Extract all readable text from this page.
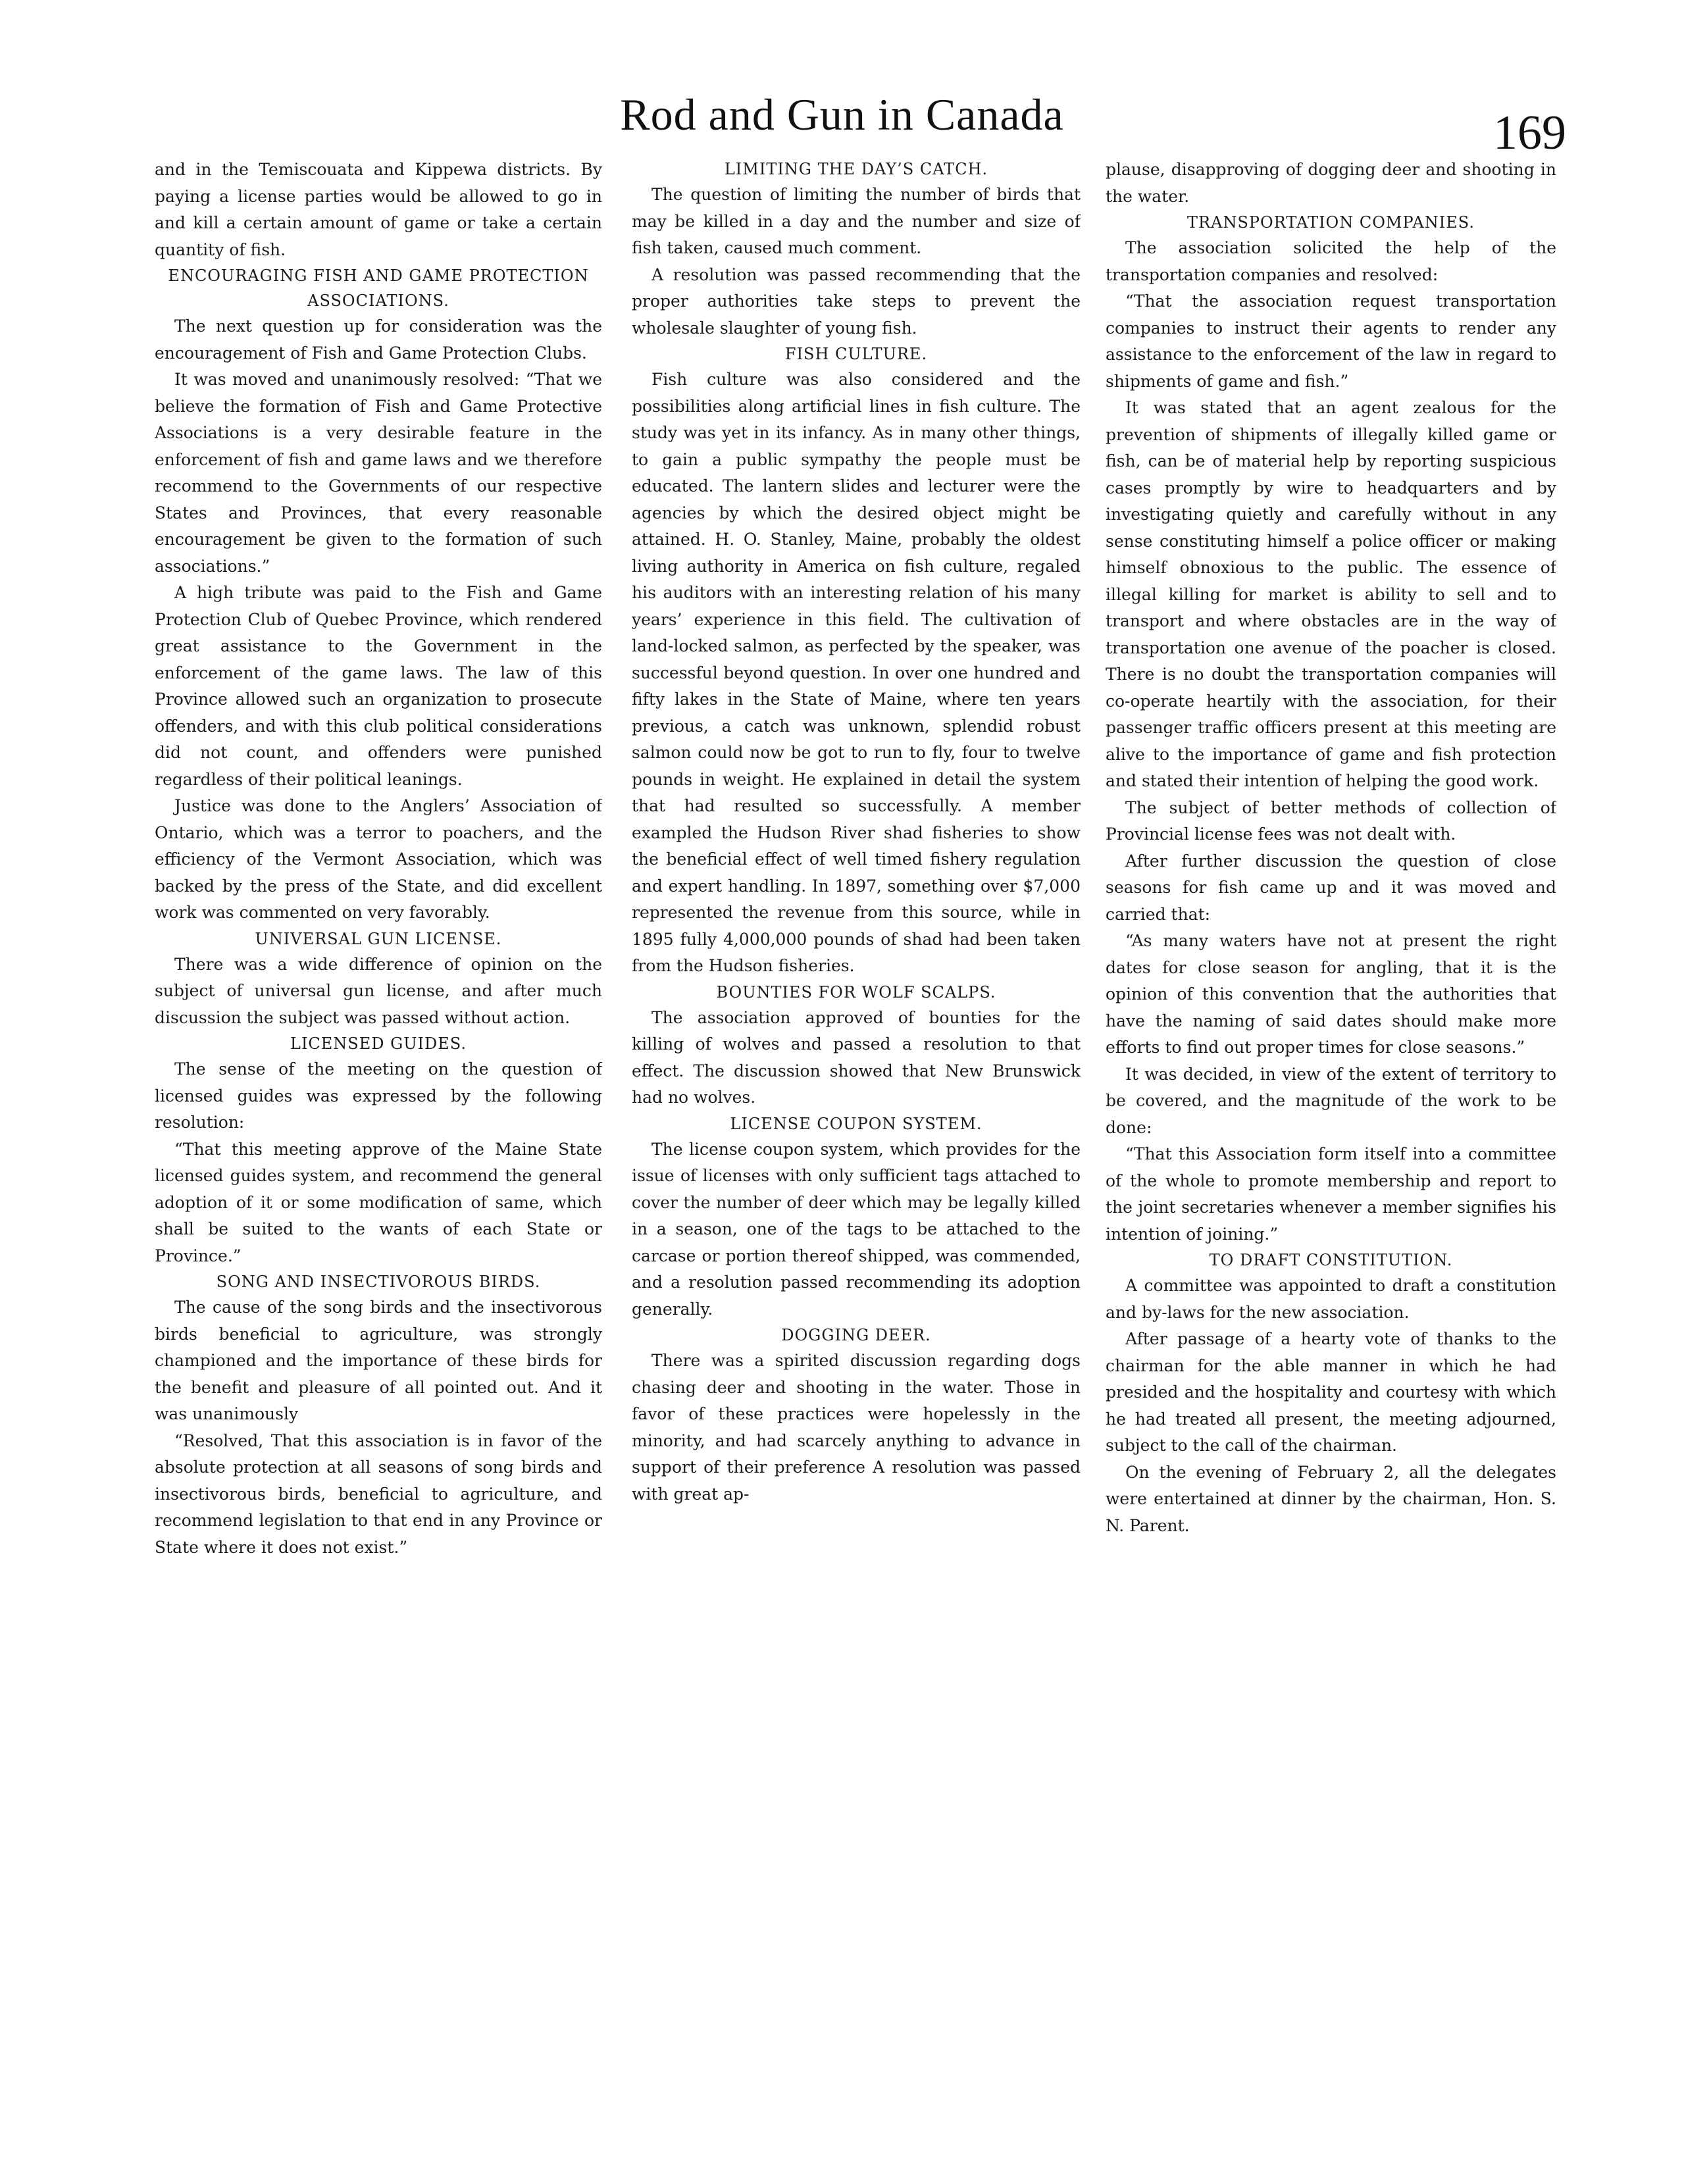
Rod and Gun in Canada	169

and in the Temiscouata and Kippewa districts. By paying a license parties would be allowed to go in and kill a certain amount of game or take a certain quantity of fish.

ENCOURAGING FISH AND GAME PROTECTION ASSOCIATIONS.

The next question up for consideration was the encouragement of Fish and Game Protection Clubs.

It was moved and unanimously resolved: “That we believe the formation of Fish and Game Protective Associations is a very desirable feature in the enforcement of fish and game laws and we therefore recommend to the Governments of our respective States and Provinces, that every reasonable encouragement be given to the formation of such associations.”

A high tribute was paid to the Fish and Game Protection Club of Quebec Province, which rendered great assistance to the Government in the enforcement of the game laws. The law of this Province allowed such an organization to prosecute offenders, and with this club political considerations did not count, and offenders were punished regardless of their political leanings.

Justice was done to the Anglers’ Association of Ontario, which was a terror to poachers, and the efficiency of the Vermont Association, which was backed by the press of the State, and did excellent work was commented on very favorably.

UNIVERSAL GUN LICENSE.

There was a wide difference of opinion on the subject of universal gun license, and after much discussion the subject was passed without action.

LICENSED GUIDES.

The sense of the meeting on the question of licensed guides was expressed by the following resolution:

“That this meeting approve of the Maine State licensed guides system, and recommend the general adoption of it or some modification of same, which shall be suited to the wants of each State or Province.”

SONG AND INSECTIVOROUS BIRDS.

The cause of the song birds and the insectivorous birds beneficial to agriculture, was strongly championed and the importance of these birds for the benefit and pleasure of all pointed out. And it was unanimously

“Resolved, That this association is in favor of the absolute protection at all seasons of song birds and insectivorous birds, beneficial to agriculture, and recommend legislation to that end in any Province or State where it does not exist.”

LIMITING THE DAY’S CATCH.

The question of limiting the number of birds that may be killed in a day and the number and size of fish taken, caused much comment.

A resolution was passed recommending that the proper authorities take steps to prevent the wholesale slaughter of young fish.

FISH CULTURE.

Fish culture was also considered and the possibilities along artificial lines in fish culture. The study was yet in its infancy. As in many other things, to gain a public sympathy the people must be educated. The lantern slides and lecturer were the agencies by which the desired object might be attained. H. O. Stanley, Maine, probably the oldest living authority in America on fish culture, regaled his auditors with an interesting relation of his many years’ experience in this field. The cultivation of land-locked salmon, as perfected by the speaker, was successful beyond question. In over one hundred and fifty lakes in the State of Maine, where ten years previous, a catch was unknown, splendid robust salmon could now be got to run to fly, four to twelve pounds in weight. He explained in detail the system that had resulted so successfully. A member exampled the Hudson River shad fisheries to show the beneficial effect of well timed fishery regulation and expert handling. In 1897, something over $7,000 represented the revenue from this source, while in 1895 fully 4,000,000 pounds of shad had been taken from the Hudson fisheries.

BOUNTIES FOR WOLF SCALPS.

The association approved of bounties for the killing of wolves and passed a resolution to that effect. The discussion showed that New Brunswick had no wolves.

LICENSE COUPON SYSTEM.

The license coupon system, which provides for the issue of licenses with only sufficient tags attached to cover the number of deer which may be legally killed in a season, one of the tags to be attached to the carcase or portion thereof shipped, was commended, and a resolution passed recommending its adoption generally.

DOGGING DEER.

There was a spirited discussion regarding dogs chasing deer and shooting in the water. Those in favor of these practices were hopelessly in the minority, and had scarcely anything to advance in support of their preference A resolution was passed with great ap-

plause, disapproving of dogging deer and shooting in the water.

TRANSPORTATION COMPANIES.

The association solicited the help of the transportation companies and resolved:

“That the association request transportation companies to instruct their agents to render any assistance to the enforcement of the law in regard to shipments of game and fish.”

It was stated that an agent zealous for the prevention of shipments of illegally killed game or fish, can be of material help by reporting suspicious cases promptly by wire to headquarters and by investigating quietly and carefully without in any sense constituting himself a police officer or making himself obnoxious to the public. The essence of illegal killing for market is ability to sell and to transport and where obstacles are in the way of transportation one avenue of the poacher is closed. There is no doubt the transportation companies will co-operate heartily with the association, for their passenger traffic officers present at this meeting are alive to the importance of game and fish protection and stated their intention of helping the good work.

The subject of better methods of collection of Provincial license fees was not dealt with.

After further discussion the question of close seasons for fish came up and it was moved and carried that:

“As many waters have not at present the right dates for close season for angling, that it is the opinion of this convention that the authorities that have the naming of said dates should make more efforts to find out proper times for close seasons.”

It was decided, in view of the extent of territory to be covered, and the magnitude of the work to be done:

“That this Association form itself into a committee of the whole to promote membership and report to the joint secretaries whenever a member signifies his intention of joining.”

TO DRAFT CONSTITUTION.

A committee was appointed to draft a constitution and by-laws for the new association.

After passage of a hearty vote of thanks to the chairman for the able manner in which he had presided and the hospitality and courtesy with which he had treated all present, the meeting adjourned, subject to the call of the chairman.

On the evening of February 2, all the delegates were entertained at dinner by the chairman, Hon. S. N. Parent.
